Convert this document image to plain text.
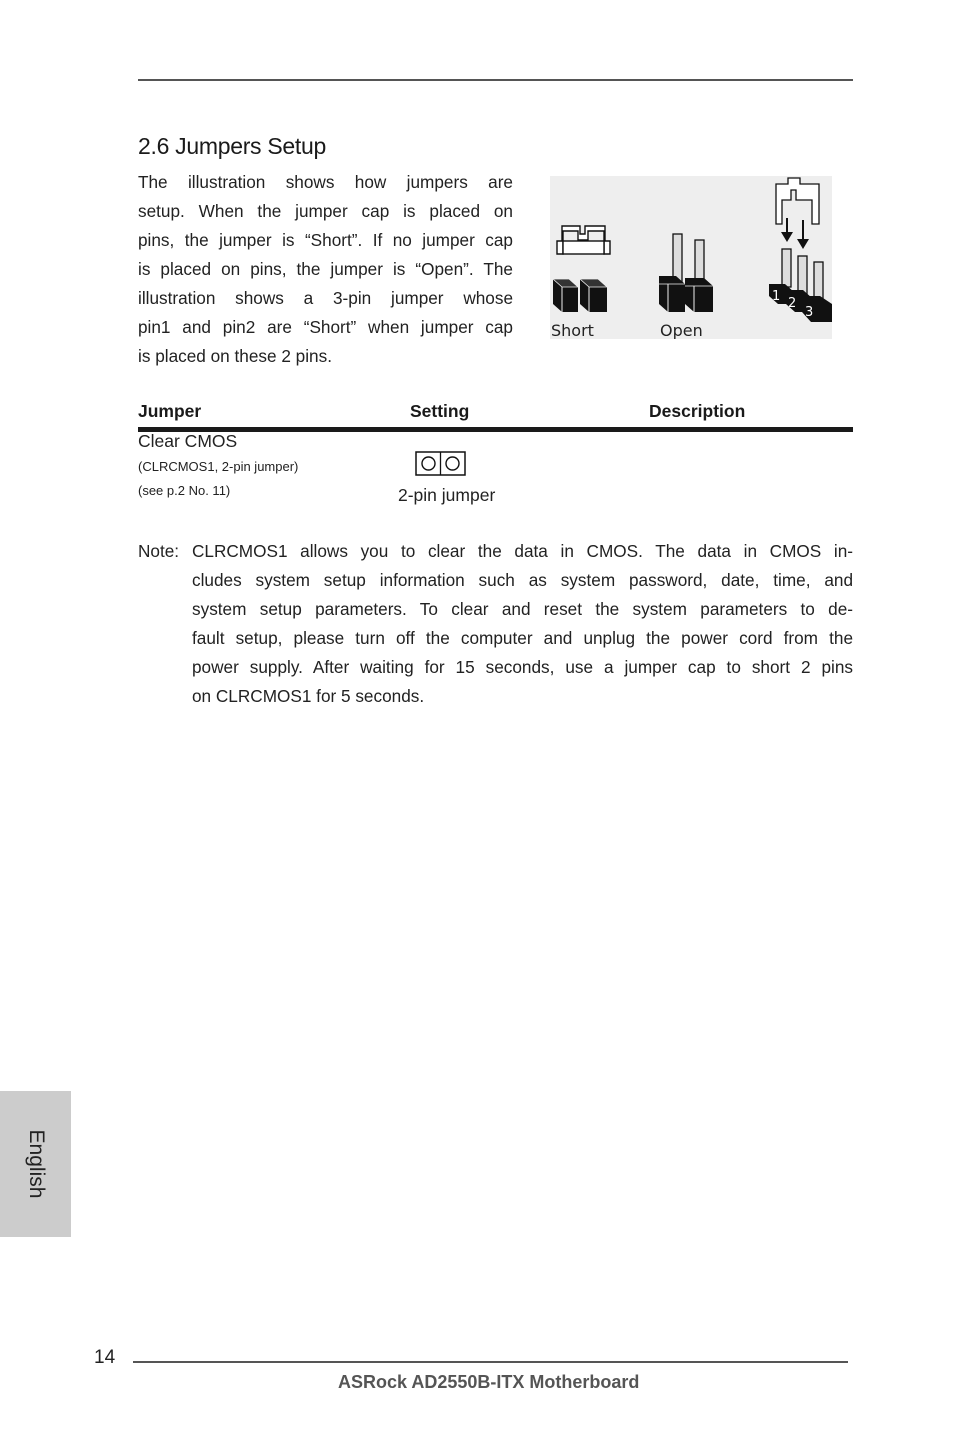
2.6 Jumpers Setup

The illustration shows how jumpers are

setup. When the jumper cap is placed on

pins, the jumper is “Short”. If no jumper cap

is placed on pins, the jumper is “Open”. The

illustration shows a 3-pin jumper whose

pin1 and pin2 are “Short” when jumper cap

is placed on these 2 pins.

Short	Open
1 2
3
Jumper	Setting	Description
Clear CMOS
(CLRCMOS1, 2-pin jumper)
(see p.2 No. 11)	2-pin jumper
Note: CLRCMOS1 allows you to clear the data in CMOS. The data in CMOS in-

cludes system setup information such as system password, date, time, and

system setup parameters. To clear and reset the system parameters to de-

fault setup, please turn off the computer and unplug the power cord from the

power supply. After waiting for 15 seconds, use a jumper cap to short 2 pins

on CLRCMOS1 for 5 seconds.

English
14
ASRock AD2550B-ITX Motherboard
